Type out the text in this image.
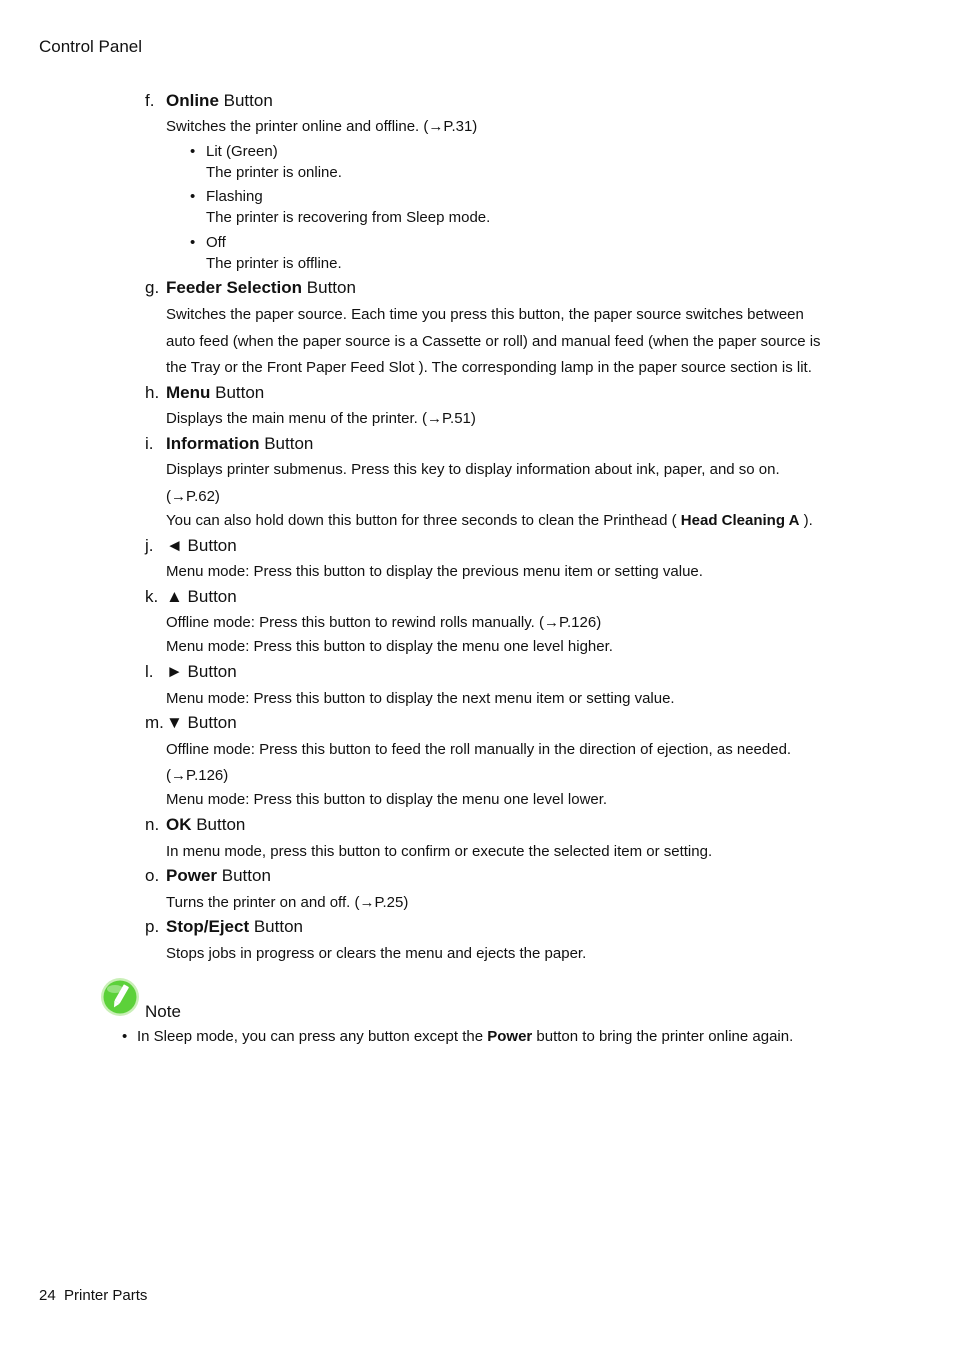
Control Panel
f. Online Button
Switches the printer online and offline. (→P.31)
• Lit (Green)
The printer is online.
• Flashing
The printer is recovering from Sleep mode.
• Off
The printer is offline.
g. Feeder Selection Button
Switches the paper source. Each time you press this button, the paper source switches between
auto feed (when the paper source is a Cassette or roll) and manual feed (when the paper source is
the Tray or the Front Paper Feed Slot ). The corresponding lamp in the paper source section is lit.
h. Menu Button
Displays the main menu of the printer. (→P.51)
i. Information Button
Displays printer submenus. Press this key to display information about ink, paper, and so on.
(→P.62)
You can also hold down this button for three seconds to clean the Printhead ( Head Cleaning A ).
j. ◄ Button
Menu mode: Press this button to display the previous menu item or setting value.
k. ▲ Button
Offline mode: Press this button to rewind rolls manually. (→P.126)
Menu mode: Press this button to display the menu one level higher.
l. ► Button
Menu mode: Press this button to display the next menu item or setting value.
m. ▼ Button
Offline mode: Press this button to feed the roll manually in the direction of ejection, as needed.
(→P.126)
Menu mode: Press this button to display the menu one level lower.
n. OK Button
In menu mode, press this button to confirm or execute the selected item or setting.
o. Power Button
Turns the printer on and off. (→P.25)
p. Stop/Eject Button
Stops jobs in progress or clears the menu and ejects the paper.
Note
• In Sleep mode, you can press any button except the Power button to bring the printer online again.
24 Printer Parts
